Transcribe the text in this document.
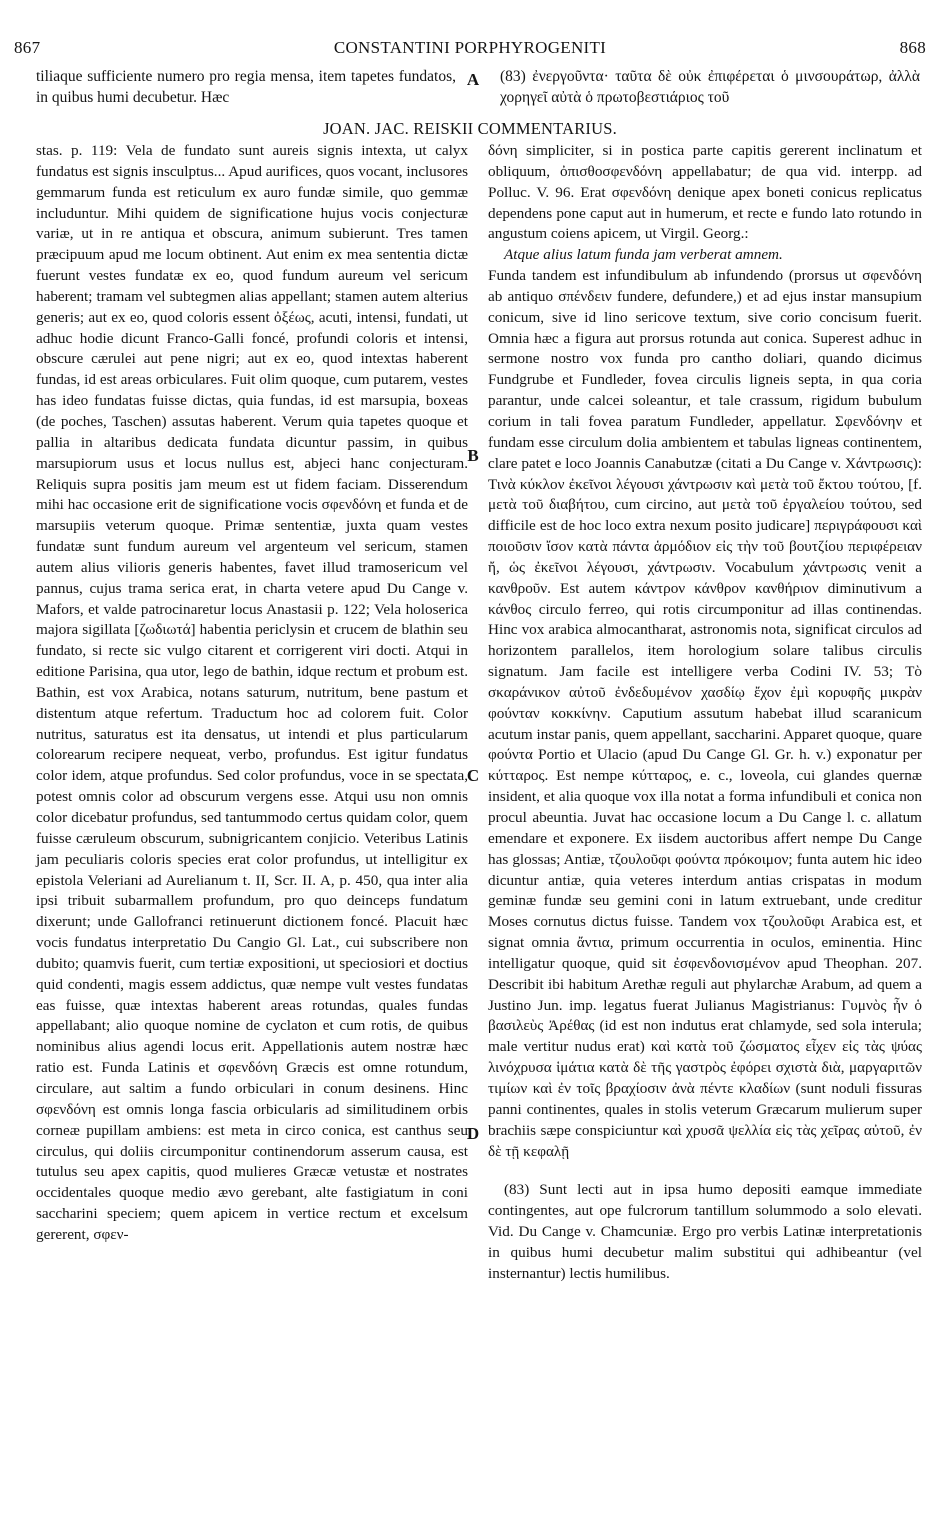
867	CONSTANTINI PORPHYROGENITI	868
tiliaque sufficiente numero pro regia mensa, item tapetes fundatos, in quibus humi decubetur. Hæc
(83) ἐνεργοῦντα· ταῦτα δὲ οὐκ ἐπιφέρεται ὁ μινσουράτωρ, ἀλλὰ χορηγεῖ αὐτὰ ὁ πρωτοβεστιάριος τοῦ
JOAN. JAC. REISKII COMMENTARIUS.
A
B
C
D

stas. p. 119: Vela de fundato sunt aureis signis intexta, ut calyx fundatus est signis insculptus... Apud aurifices, quos vocant, inclusores gemmarum funda est reticulum ex auro fundæ simile, quo gemmæ includuntur. Mihi quidem de significatione hujus vocis conjecturæ variæ, ut in re antiqua et obscura, animum subierunt. Tres tamen præcipuum apud me locum obtinent. Aut enim ex mea sententia dictæ fuerunt vestes fundatæ ex eo, quod fundum aureum vel sericum haberent; tramam vel subtegmen alias appellant; stamen autem alterius generis; aut ex eo, quod coloris essent ὀξέως, acuti, intensi, fundati, ut adhuc hodie dicunt Franco-Galli foncé, profundi coloris et intensi, obscure cærulei aut pene nigri; aut ex eo, quod intextas haberent fundas, id est areas orbiculares. Fuit olim quoque, cum putarem, vestes has ideo fundatas fuisse dictas, quia fundas, id est marsupia, boxeas (de poches, Taschen) assutas haberent. Verum quia tapetes quoque et pallia in altaribus dedicata fundata dicuntur passim, in quibus marsupiorum usus et locus nullus est, abjeci hanc conjecturam. Reliquis supra positis jam meum est ut fidem faciam. Disserendum mihi hac occasione erit de significatione vocis σφενδόνη et funda et de marsupiis veterum quoque. Primæ sententiæ, juxta quam vestes fundatæ sunt fundum aureum vel argenteum vel sericum, stamen autem alius vilioris generis habentes, favet illud tramosericum vel pannus, cujus trama serica erat, in charta vetere apud Du Cange v. Mafors, et valde patrocinaretur locus Anastasii p. 122; Vela holoserica majora sigillata [ζωδιωτά] habentia periclysin et crucem de blathin seu fundato, si recte sic vulgo citarent et corrigerent viri docti. Atqui in editione Parisina, qua utor, lego de bathin, idque rectum et probum est. Bathin, est vox Arabica, notans saturum, nutritum, bene pastum et distentum atque refertum. Traductum hoc ad colorem fuit. Color nutritus, saturatus est ita densatus, ut intendi et plus particularum colorearum recipere nequeat, verbo, profundus. Est igitur fundatus color idem, atque profundus. Sed color profundus, voce in se spectata, potest omnis color ad obscurum vergens esse. Atqui usu non omnis color dicebatur profundus, sed tantummodo certus quidam color, quem fuisse cæruleum obscurum, subnigricantem conjicio. Veteribus Latinis jam peculiaris coloris species erat color profundus, ut intelligitur ex epistola Veleriani ad Aurelianum t. II, Scr. II. A, p. 450, qua inter alia ipsi tribuit subarmallem profundum, pro quo deinceps fundatum dixerunt; unde Gallofranci retinuerunt dictionem foncé. Placuit hæc vocis fundatus interpretatio Du Cangio Gl. Lat., cui subscribere non dubito; quamvis fuerit, cum tertiæ expositioni, ut speciosiori et doctius quid condenti, magis essem addictus, quæ nempe vult vestes fundatas eas fuisse, quæ intextas haberent areas rotundas, quales fundas appellabant; alio quoque nomine de cyclaton et cum rotis, de quibus nominibus alius agendi locus erit. Appellationis autem nostræ hæc ratio est. Funda Latinis et σφενδόνη Græcis est omne rotundum, circulare, aut saltim a fundo orbiculari in conum desinens. Hinc σφενδόνη est omnis longa fascia orbicularis ad similitudinem orbis corneæ pupillam ambiens: est meta in circo conica, est canthus seu circulus, qui doliis circumponitur continendorum asserum causa, est tutulus seu apex capitis, quod mulieres Græcæ vetustæ et nostrates occidentales quoque medio ævo gerebant, alte fastigiatum in coni saccharini speciem; quem apicem in vertice rectum et excelsum gererent, σφεν-

δόνη simpliciter, si in postica parte capitis gererent inclinatum et obliquum, ὀπισθοσφενδόνη appellabatur; de qua vid. interpp. ad Polluc. V. 96. Erat σφενδόνη denique apex boneti conicus replicatus dependens pone caput aut in humerum, et recte e fundo lato rotundo in angustum coiens apicem, ut Virgil. Georg.:

Atque alius latum funda jam verberat amnem.

Funda tandem est infundibulum ab infundendo (prorsus ut σφενδόνη ab antiquo σπένδειν fundere, defundere,) et ad ejus instar mansupium conicum, sive id lino sericove textum, sive corio concisum fuerit. Omnia hæc a figura aut prorsus rotunda aut conica. Superest adhuc in sermone nostro vox funda pro cantho doliari, quando dicimus Fundgrube et Fundleder, fovea circulis ligneis septa, in qua coria parantur, unde calcei soleantur, et tale crassum, rigidum bubulum corium in tali fovea paratum Fundleder, appellatur. Σφενδόνην et fundam esse circulum dolia ambientem et tabulas ligneas continentem, clare patet e loco Joannis Canabutzæ (citati a Du Cange v. Χάντρωσις): Τινὰ κύκλον ἐκεῖνοι λέγουσι χάντρωσιν καὶ μετὰ τοῦ ἔκτου τούτου, [f. μετὰ τοῦ διαβήτου, cum circino, aut μετὰ τοῦ ἐργαλείου τούτου, sed difficile est de hoc loco extra nexum posito judicare] περιγράφουσι καὶ ποιοῦσιν ἴσον κατὰ πάντα ἁρμόδιον εἰς τὴν τοῦ βουτζίου περιφέρειαν ἤ, ὡς ἐκεῖνοι λέγουσι, χάντρωσιν. Vocabulum χάντρωσις venit a κανθροῦν. Est autem κάντρον κάνθρον κανθήριον diminutivum a κάνθος circulo ferreo, qui rotis circumponitur ad illas continendas. Hinc vox arabica almocantharat, astronomis nota, significat circulos ad horizontem parallelos, item horologium solare talibus circulis signatum. Jam facile est intelligere verba Codini IV. 53; Τὸ σκαράνικον αὐτοῦ ἐνδεδυμένον χασδίῳ ἔχον ἐμὶ κορυφῆς μικρὰν φούνταν κοκκίνην. Caputium assutum habebat illud scaranicum acutum instar panis, quem appellant, saccharini. Apparet quoque, quare φούντα Portio et Ulacio (apud Du Cange Gl. Gr. h. v.) exponatur per κύτταρος. Est nempe κύτταρος, e. c., loveola, cui glandes quernæ insident, et alia quoque vox illa notat a forma infundibuli et conica non procul abeuntia. Juvat hac occasione locum a Du Cange l. c. allatum emendare et exponere. Ex iisdem auctoribus affert nempe Du Cange has glossas; Antiæ, τζουλοῦφι φούντα πρόκοιμον; funta autem hic ideo dicuntur antiæ, quia veteres interdum antias crispatas in modum geminæ fundæ seu gemini coni in latum extruebant, unde creditur Moses cornutus dictus fuisse. Tandem vox τζουλοῦφι Arabica est, et signat omnia ἄντια, primum occurrentia in oculos, eminentia. Hinc intelligatur quoque, quid sit ἐσφενδονισμένον apud Theophan. 207. Describit ibi habitum Arethæ reguli aut phylarchæ Arabum, ad quem a Justino Jun. imp. legatus fuerat Julianus Magistrianus: Γυμνὸς ἦν ὁ βασιλεὺς Ἀρέθας (id est non indutus erat chlamyde, sed sola interula; male vertitur nudus erat) καὶ κατὰ τοῦ ζώσματος εἶχεν εἰς τὰς ψύας λινόχρυσα ἱμάτια κατὰ δὲ τῆς γαστρὸς ἐφόρει σχιστὰ διὰ, μαργαριτῶν τιμίων καὶ ἐν τοῖς βραχίοσιν ἀνὰ πέντε κλαδίων (sunt noduli fissuras panni continentes, quales in stolis veterum Græcarum mulierum super brachiis sæpe conspiciuntur καὶ χρυσᾶ ψελλία εἰς τὰς χεῖρας αὐτοῦ, ἐν δὲ τῇ κεφαλῇ

(83) Sunt lecti aut in ipsa humo depositi eamque immediate contingentes, aut ope fulcrorum tantillum solummodo a solo elevati. Vid. Du Cange v. Chamcuniæ. Ergo pro verbis Latinæ interpretationis in quibus humi decubetur malim substitui qui adhibeantur (vel insternantur) lectis humilibus.
